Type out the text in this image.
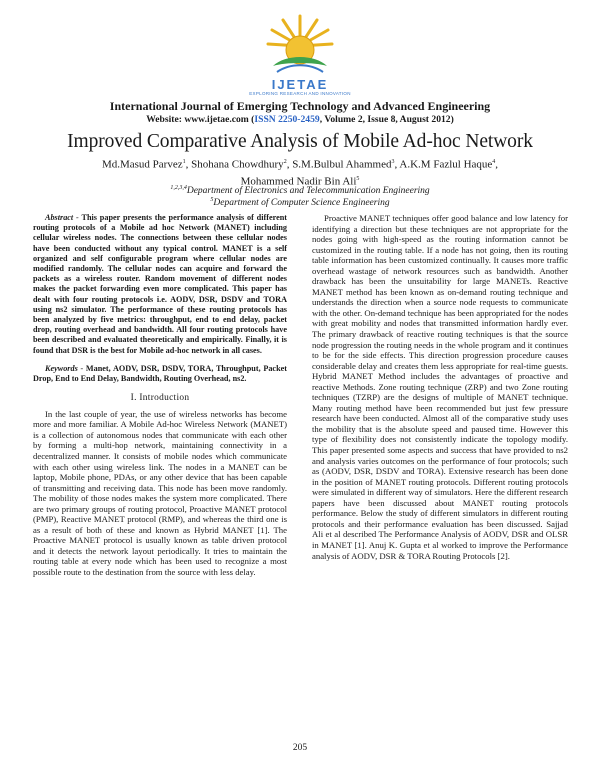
IJETAE
EXPLORING RESEARCH AND INNOVATION
International Journal of Emerging Technology and Advanced Engineering
Website: www.ijetae.com (ISSN 2250-2459, Volume 2, Issue 8, August 2012)
Improved Comparative Analysis of Mobile Ad-hoc Network
Md.Masud Parvez$^1$, Shohana Chowdhury$^2$, S.M.Bulbul Ahammed$^3$, A.K.M Fazlul Haque$^4$,
Mohammed Nadir Bin Ali$^5$
$^{1,2,3,4}$Department of Electronics and Telecommunication Engineering
$^5$Department of Computer Science Engineering

Abstract - This paper presents the performance analysis of different routing protocols of a Mobile ad hoc Network (MANET) including cellular wireless nodes. The connections between these cellular nodes have been conducted without any typical control. MANET is a self organized and self configurable program where cellular nodes are modified randomly. The cellular nodes can acquire and forward the packets as a wireless router. Random movement of different nodes makes the packet forwarding even more complicated. This paper has dealt with four routing protocols i.e. AODV, DSR, DSDV and TORA using ns2 simulator. The performance of these routing protocols has been analyzed by five metrics: throughput, end to end delay, packet drop, routing overhead and bandwidth. All four routing protocols have been described and evaluated theoretically and empirically. Finally, it is found that DSR is the best for Mobile ad-hoc network in all cases.

Keywords - Manet, AODV, DSR, DSDV, TORA, Throughput, Packet Drop, End to End Delay, Bandwidth, Routing Overhead, ns2.

I. Introduction

In the last couple of year, the use of wireless networks has become more and more familiar. A Mobile Ad-hoc Wireless Network (MANET) is a collection of autonomous nodes that communicate with each other by forming a multi-hop network, maintaining connectivity in a decentralized manner. It consists of mobile nodes which communicate with each other using wireless link. The nodes in a MANET can be laptop, Mobile phone, PDAs, or any other device that has been capable of transmitting and receiving data. This node has been move randomly. The mobility of those nodes makes the system more complicated. There are two primary groups of routing protocol, Proactive MANET protocol (PMP), Reactive MANET protocol (RMP), and whereas the third one is as a result of both of these and known as Hybrid MANET [1]. The Proactive MANET protocol is usually known as table driven protocol and it detects the network layout periodically. It tries to maintain the routing table at every node which has been used to recognize a most possible route to the destination from the source with less delay.

Proactive MANET techniques offer good balance and low latency for identifying a direction but these techniques are not appropriate for the nodes going with high-speed as the routing information cannot be customized in the routing table. If a node has not going, then its routing table information has been customized continually. It causes more traffic overhead wastage of network resources such as bandwidth. Another drawback has been the unsuitability for large MANETs. Reactive MANET method has been known as on-demand routing technique and understands the direction when a source node requests to communicate with the other. On-demand technique has been appropriated for the nodes with great mobility and nodes that transmitted information hardly ever. The primary drawback of reactive routing techniques is that the source node progression the routing needs in the whole program and it continues to be for the side effects. This direction progression procedure causes considerable delay and creates them less appropriate for real-time guests. Hybrid MANET Method includes the advantages of proactive and reactive Methods. Zone routing technique (ZRP) and two Zone routing techniques (TZRP) are the designs of multiple of MANET technique. Many routing method have been recommended but just few pressure research have been conducted. Almost all of the comparative study uses the mobility that is the absolute speed and paused time. However this type of flexibility does not consistently indicate the topology modify. This paper presented some aspects and success that have provided to ns2 and analysis varies outcomes on the performance of four protocols; such as (AODV, DSR, DSDV and TORA). Extensive research has been done in the position of MANET routing protocols. Different routing protocols were simulated in different way of simulators. Here the different research papers have been discussed about MANET routing protocols performance. Below the study of different simulators in different routing protocols and their performance evaluation has been discussed. Sajjad Ali et al described The Performance Analysis of AODV, DSR and OLSR in MANET [1]. Anuj K. Gupta et al worked to improve the Performance analysis of AODV, DSR & TORA Routing Protocols [2].

205
